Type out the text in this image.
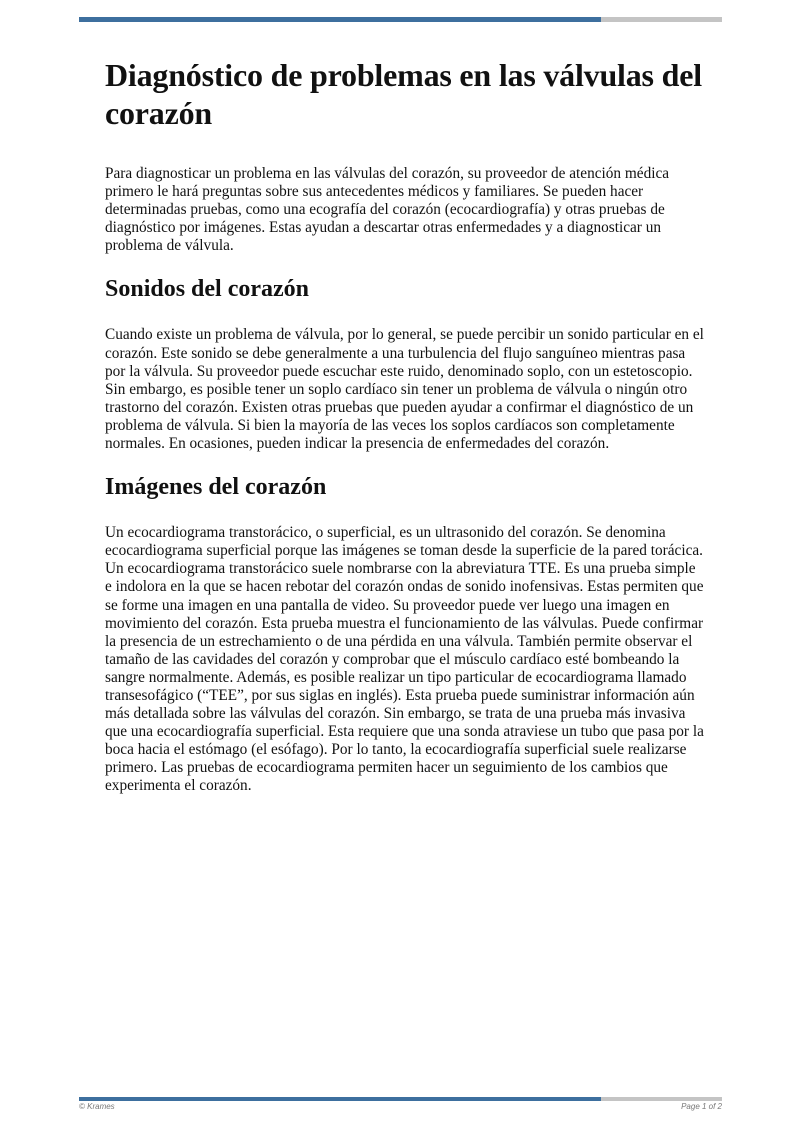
Diagnóstico de problemas en las válvulas del corazón

Para diagnosticar un problema en las válvulas del corazón, su proveedor de atención médica primero le hará preguntas sobre sus antecedentes médicos y familiares. Se pueden hacer determinadas pruebas, como una ecografía del corazón (ecocardiografía) y otras pruebas de diagnóstico por imágenes. Estas ayudan a descartar otras enfermedades y a diagnosticar un problema de válvula.

Sonidos del corazón

Cuando existe un problema de válvula, por lo general, se puede percibir un sonido particular en el corazón. Este sonido se debe generalmente a una turbulencia del flujo sanguíneo mientras pasa por la válvula. Su proveedor puede escuchar este ruido, denominado soplo, con un estetoscopio. Sin embargo, es posible tener un soplo cardíaco sin tener un problema de válvula o ningún otro trastorno del corazón. Existen otras pruebas que pueden ayudar a confirmar el diagnóstico de un problema de válvula. Si bien la mayoría de las veces los soplos cardíacos son completamente normales. En ocasiones, pueden indicar la presencia de enfermedades del corazón.

Imágenes del corazón

Un ecocardiograma transtorácico, o superficial, es un ultrasonido del corazón. Se denomina ecocardiograma superficial porque las imágenes se toman desde la superficie de la pared torácica. Un ecocardiograma transtorácico suele nombrarse con la abreviatura TTE. Es una prueba simple e indolora en la que se hacen rebotar del corazón ondas de sonido inofensivas. Estas permiten que se forme una imagen en una pantalla de video. Su proveedor puede ver luego una imagen en movimiento del corazón. Esta prueba muestra el funcionamiento de las válvulas. Puede confirmar la presencia de un estrechamiento o de una pérdida en una válvula. También permite observar el tamaño de las cavidades del corazón y comprobar que el músculo cardíaco esté bombeando la sangre normalmente. Además, es posible realizar un tipo particular de ecocardiograma llamado transesofágico (“TEE”, por sus siglas en inglés). Esta prueba puede suministrar información aún más detallada sobre las válvulas del corazón. Sin embargo, se trata de una prueba más invasiva que una ecocardiografía superficial. Esta requiere que una sonda atraviese un tubo que pasa por la boca hacia el estómago (el esófago). Por lo tanto, la ecocardiografía superficial suele realizarse primero. Las pruebas de ecocardiograma permiten hacer un seguimiento de los cambios que experimenta el corazón.

© Krames	Page 1 of 2
